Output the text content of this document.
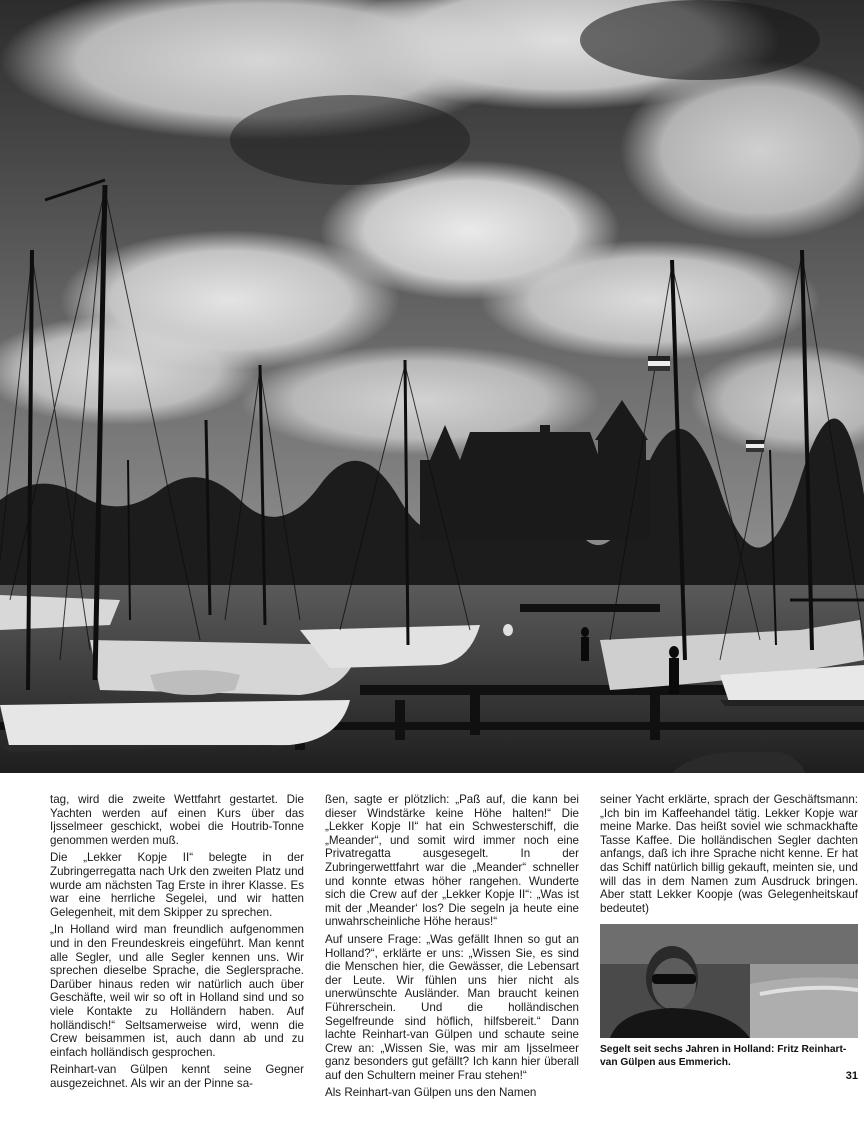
tag, wird die zweite Wettfahrt gestartet. Die Yachten werden auf einen Kurs über das Ijsselmeer geschickt, wobei die Houtrib-Tonne genommen werden muß.

Die „Lekker Kopje II“ belegte in der Zubringerregatta nach Urk den zweiten Platz und wurde am nächsten Tag Erste in ihrer Klasse. Es war eine herrliche Segelei, und wir hatten Gelegenheit, mit dem Skipper zu sprechen.

„In Holland wird man freundlich aufgenommen und in den Freundeskreis eingeführt. Man kennt alle Segler, und alle Segler kennen uns. Wir sprechen dieselbe Sprache, die Seglersprache. Darüber hinaus reden wir natürlich auch über Geschäfte, weil wir so oft in Holland sind und so viele Kontakte zu Holländern haben. Auf holländisch!“ Seltsamerweise wird, wenn die Crew beisammen ist, auch dann ab und zu einfach holländisch gesprochen.

Reinhart-van Gülpen kennt seine Gegner ausgezeichnet. Als wir an der Pinne sa-

ßen, sagte er plötzlich: „Paß auf, die kann bei dieser Windstärke keine Höhe halten!“ Die „Lekker Kopje II“ hat ein Schwesterschiff, die „Meander“, und somit wird immer noch eine Privatregatta ausgesegelt. In der Zubringerwettfahrt war die „Meander“ schneller und konnte etwas höher rangehen. Wunderte sich die Crew auf der „Lekker Kopje II“: „Was ist mit der ‚Meander‘ los? Die segeln ja heute eine unwahrscheinliche Höhe heraus!“

Auf unsere Frage: „Was gefällt Ihnen so gut an Holland?“, erklärte er uns: „Wissen Sie, es sind die Menschen hier, die Gewässer, die Lebensart der Leute. Wir fühlen uns hier nicht als unerwünschte Ausländer. Man braucht keinen Führerschein. Und die holländischen Segelfreunde sind höflich, hilfsbereit.“ Dann lachte Reinhart-van Gülpen und schaute seine Crew an: „Wissen Sie, was mir am Ijsselmeer ganz besonders gut gefällt? Ich kann hier überall auf den Schultern meiner Frau stehen!“

Als Reinhart-van Gülpen uns den Namen

seiner Yacht erklärte, sprach der Geschäftsmann: „Ich bin im Kaffeehandel tätig. Lekker Kopje war meine Marke. Das heißt soviel wie schmackhafte Tasse Kaffee. Die holländischen Segler dachten anfangs, daß ich ihre Sprache nicht kenne. Er hat das Schiff natürlich billig gekauft, meinten sie, und will das in dem Namen zum Ausdruck bringen. Aber statt Lekker Koopje (was Gelegenheitskauf bedeutet)

Segelt seit sechs Jahren in Holland: Fritz Reinhart-van Gülpen aus Emmerich.
31
